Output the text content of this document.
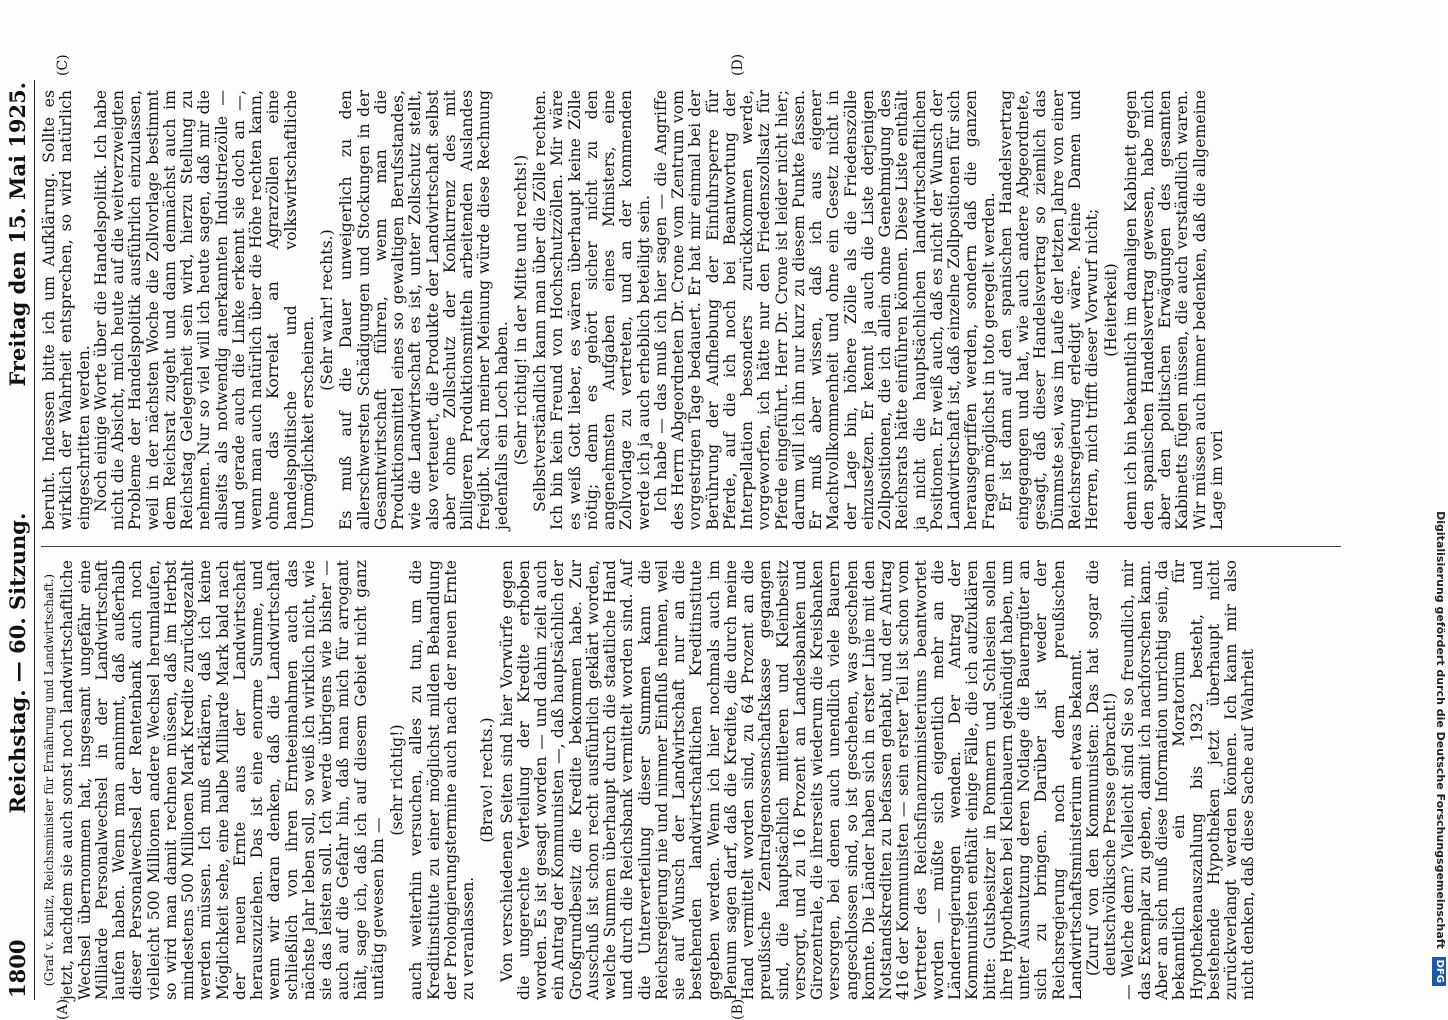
1800
Reichstag. — 60. Sitzung.
Freitag den 15. Mai 1925.
(Graf v. Kanitz, Reichsminister für Ernährung und Landwirtschaft.) jetzt, nachdem sie auch sonst noch landwirtschaftliche Wechsel übernommen hat, insgesamt ungefähr eine Milliarde Personalwechsel in der Landwirtschaft laufen haben. Wenn man annimmt, daß außerhalb dieser Personalwechsel der Rentenbank auch noch vielleicht 500 Millionen andere Wechsel herumlaufen, so wird man damit rechnen müssen, daß im Herbst mindestens 500 Millionen Mark Kredite zurückgezahlt werden müssen. Ich muß erklären, daß ich keine Möglichkeit sehe, eine halbe Milliarde Mark bald nach der neuen Ernte aus der Landwirtschaft herauszuziehen. Das ist eine enorme Summe, und wenn wir daran denken, daß die Landwirtschaft schließlich von ihren Ernteeinnahmen auch das nächste Jahr leben soll, so weiß ich wirklich nicht, wie sie das leisten soll. Ich werde übrigens wie bisher — auch auf die Gefahr hin, daß man mich für arrogant hält, sage ich, daß ich auf diesem Gebiet nicht ganz untätig gewesen bin —

(sehr richtig!) auch weiterhin versuchen, alles zu tun, um die Kreditinstitute zu einer möglichst milden Behandlung der Prolongierungstermine auch nach der neuen Ernte zu veranlassen.

(Bravo! rechts.) Von verschiedenen Seiten sind hier Vorwürfe gegen die ungerechte Verteilung der Kredite erhoben worden. Es ist gesagt worden — und dahin zielt auch ein Antrag der Kommunisten —, daß hauptsächlich der Großgrundbesitz die Kredite bekommen habe. Zur Ausschuß ist schon recht ausführlich geklärt worden, welche Summen überhaupt durch die staatliche Hand und durch die Reichsbank vermittelt worden sind. Auf die Unterverteilung dieser Summen kann die Reichsregierung nie und nimmer Einfluß nehmen, weil sie auf Wunsch der Landwirtschaft nur an die bestehenden landwirtschaftlichen Kreditinstitute gegeben werden. Wenn ich hier nochmals auch im Plenum sagen darf, daß die Kredite, die durch meine Hand vermittelt worden sind, zu 64 Prozent an die preußische Zentralgenossenschaftskasse gegangen sind, die hauptsächlich mittleren und Kleinbesitz versorgt, und zu 16 Prozent an Landesbanken und Girozentrale, die ihrerseits wiederum die Kreisbanken versorgen, bei denen auch unendlich viele Bauern angeschlossen sind, so ist geschehen, was geschehen konnte. Die Länder haben sich in erster Linie mit den Notstandskrediten zu befassen gehabt, und der Antrag 416 der Kommunisten — sein erster Teil ist schon vom Vertreter des Reichsfinanzministeriums beantwortet worden — müßte sich eigentlich mehr an die Länderregierungen wenden. Der Antrag der Kommunisten enthält einige Fälle, die ich aufzuklären bitte: Gutsbesitzer in Pommern und Schlesien sollen ihre Hypotheken bei Kleinbauern gekündigt haben, um unter Ausnutzung deren Notlage die Bauerngüter an sich zu bringen. Darüber ist weder der Reichsregierung noch dem preußischen Landwirtschaftsministerium etwas bekannt. (Zuruf von den Kommunisten: Das hat sogar die deutschvölkische Presse gebracht!) — Welche denn? Vielleicht sind Sie so freundlich, mir das Exemplar zu geben, damit ich nachforschen kann. Aber an sich muß diese Information unrichtig sein, da bekanntlich ein Moratorium für Hypothekenauszahlung bis 1932 besteht, und bestehende Hypotheken jetzt überhaupt nicht zurückverlangt werden können. Ich kann mir also nicht denken, daß diese Sache auf Wahrheit

beruht. Indessen bitte ich um Aufklärung. Sollte es wirklich der Wahrheit entsprechen, so wird natürlich eingeschritten werden. Noch einige Worte über die Handelspolitik. Ich habe nicht die Absicht, mich heute auf die weitverzweigten Probleme der Handelspolitik ausführlich einzulassen, weil in der nächsten Woche die Zollvorlage bestimmt dem Reichsrat zugeht und dann demnächst auch im Reichstag Gelegenheit sein wird, hierzu Stellung zu nehmen. Nur so viel will ich heute sagen, daß mir die allseits als notwendig anerkannten Industriezölle — und gerade auch die Linke erkennt sie doch an —, wenn man auch natürlich über die Höhe rechten kann, ohne das Korrelat an Agrarzöllen eine handelspolitische und volkswirtschaftliche Unmöglichkeit erscheinen.

(Sehr wahr! rechts.) Es muß auf die Dauer unweigerlich zu den allerschwersten Schädigungen und Stockungen in der Gesamtwirtschaft führen, wenn man die Produktionsmittel eines so gewaltigen Berufsstandes, wie die Landwirtschaft es ist, unter Zollschutz stellt, also verteuert, die Produkte der Landwirtschaft selbst aber ohne Zollschutz der Konkurrenz des mit billigeren Produktionsmitteln arbeitenden Auslandes freigibt. Nach meiner Meinung würde diese Rechnung jedenfalls ein Loch haben. (Sehr richtig! in der Mitte und rechts!) Selbstverständlich kann man über die Zölle rechten. Ich bin kein Freund von Hochschutzzöllen. Mir wäre es weiß Gott lieber, es wären überhaupt keine Zölle nötig; denn es gehört sicher nicht zu den angenehmsten Aufgaben eines Ministers, eine Zollvorlage zu vertreten, und an der kommenden werde ich ja auch erheblich beteiligt sein. Ich habe — das muß ich hier sagen — die Angriffe des Herrn Abgeordneten Dr. Crone vom Zentrum vom vorgestrigen Tage bedauert. Er hat mir einmal bei der Berührung der Aufhebung der Einfuhrsperre für Pferde, auf die ich noch bei Beantwortung der Interpellation besonders zurückkommen werde, vorgeworfen, ich hätte nur den Friedenszollsatz für Pferde eingeführt. Herr Dr. Crone ist leider nicht hier; darum will ich ihn nur kurz zu diesem Punkte fassen. Er muß aber wissen, daß ich aus eigener Machtvollkommenheit und ohne ein Gesetz nicht in der Lage bin, höhere Zölle als die Friedenszölle einzusetzen. Er kennt ja auch die Liste derjenigen Zollpositionen, die ich allein ohne Genehmigung des Reichsrats hätte einführen können. Diese Liste enthält ja nicht die hauptsächlichen landwirtschaftlichen Positionen. Er weiß auch, daß es nicht der Wunsch der Landwirtschaft ist, daß einzelne Zollpositionen für sich herausgegriffen werden, sondern daß die ganzen Fragen möglichst in toto geregelt werden. Er ist dann auf den spanischen Handelsvertrag eingegangen und hat, wie auch andere Abgeordnete, gesagt, daß dieser Handelsvertrag so ziemlich das Dümmste sei, was im Laufe der letzten Jahre von einer Reichsregierung erledigt wäre. Meine Damen und Herren, mich trifft dieser Vorwurf nicht; (Heiterkeit) denn ich bin bekanntlich im damaligen Kabinett gegen den spanischen Handelsvertrag gewesen, habe mich aber den politischen Erwägungen des gesamten Kabinetts fügen müssen, die auch verständlich waren. Wir müssen auch immer bedenken, daß die allgemeine Lage im vori

(A)	(B)
(C)	(D)
Digitalisierung gefördert durch die Deutsche Forschungsgemeinschaft DFG
